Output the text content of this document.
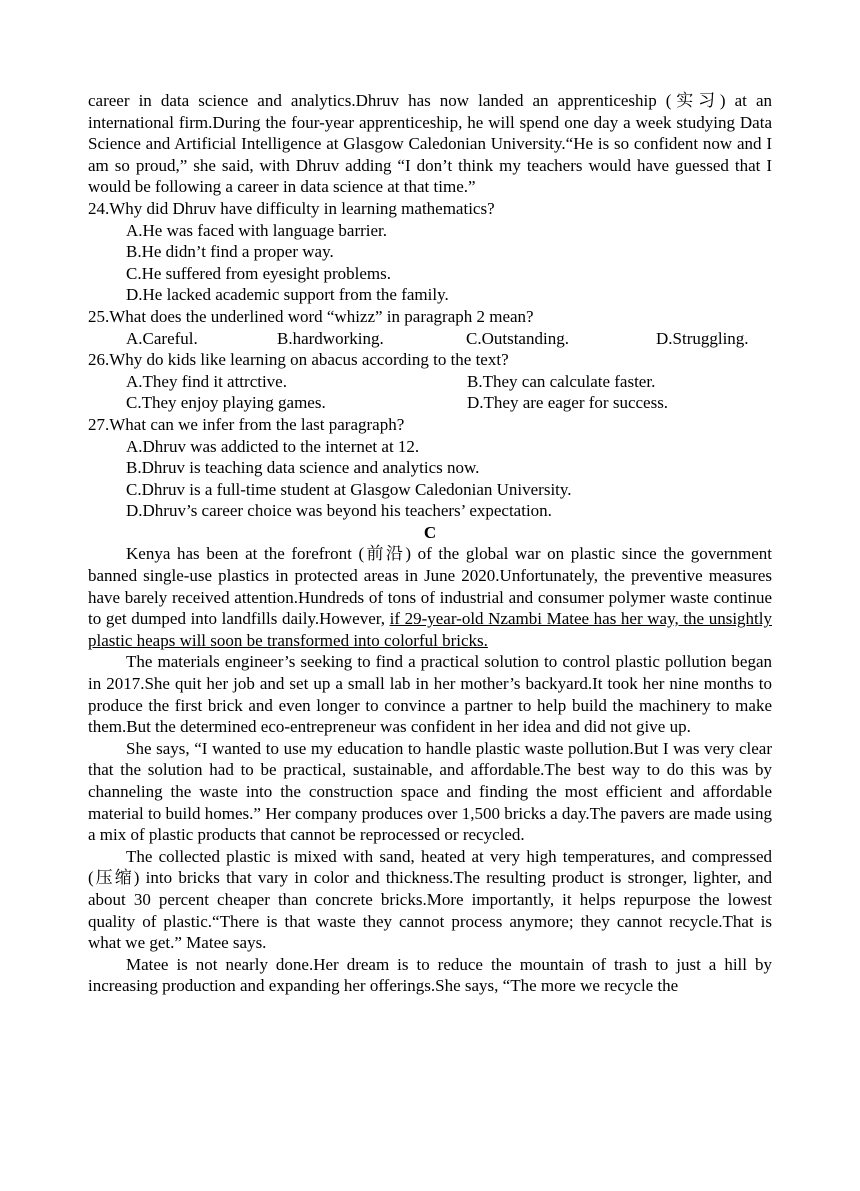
career in data science and analytics.Dhruv has now landed an apprenticeship (实习) at an international firm.During the four-year apprenticeship, he will spend one day a week studying Data Science and Artificial Intelligence at Glasgow Caledonian University.“He is so confident now and I am so proud,” she said, with Dhruv adding “I don’t think my teachers would have guessed that I would be following a career in data science at that time.”

24.Why did Dhruv have difficulty in learning mathematics?

A.He was faced with language barrier.

B.He didn’t find a proper way.

C.He suffered from eyesight problems.

D.He lacked academic support from the family.

25.What does the underlined word “whizz” in paragraph 2 mean?

A.Careful.	B.hardworking.	C.Outstanding.	D.Struggling.

26.Why do kids like learning on abacus according to the text?

A.They find it attrctive.	B.They can calculate faster.
C.They enjoy playing games.	D.They are eager for success.

27.What can we infer from the last paragraph?

A.Dhruv was addicted to the internet at 12.

B.Dhruv is teaching data science and analytics now.

C.Dhruv is a full-time student at Glasgow Caledonian University.

D.Dhruv’s career choice was beyond his teachers’ expectation.

C

Kenya has been at the forefront (前沿) of the global war on plastic since the government banned single-use plastics in protected areas in June 2020.Unfortunately, the preventive measures have barely received attention.Hundreds of tons of industrial and consumer polymer waste continue to get dumped into landfills daily.However, if 29-year-old Nzambi Matee has her way, the unsightly plastic heaps will soon be transformed into colorful bricks.

The materials engineer’s seeking to find a practical solution to control plastic pollution began in 2017.She quit her job and set up a small lab in her mother’s backyard.It took her nine months to produce the first brick and even longer to convince a partner to help build the machinery to make them.But the determined eco-entrepreneur was confident in her idea and did not give up.

She says, “I wanted to use my education to handle plastic waste pollution.But I was very clear that the solution had to be practical, sustainable, and affordable.The best way to do this was by channeling the waste into the construction space and finding the most efficient and affordable material to build homes.” Her company produces over 1,500 bricks a day.The pavers are made using a mix of plastic products that cannot be reprocessed or recycled.

The collected plastic is mixed with sand, heated at very high temperatures, and compressed (压缩) into bricks that vary in color and thickness.The resulting product is stronger, lighter, and about 30 percent cheaper than concrete bricks.More importantly, it helps repurpose the lowest quality of plastic.“There is that waste they cannot process anymore; they cannot recycle.That is what we get.” Matee says.

Matee is not nearly done.Her dream is to reduce the mountain of trash to just a hill by increasing production and expanding her offerings.She says, “The more we recycle the
